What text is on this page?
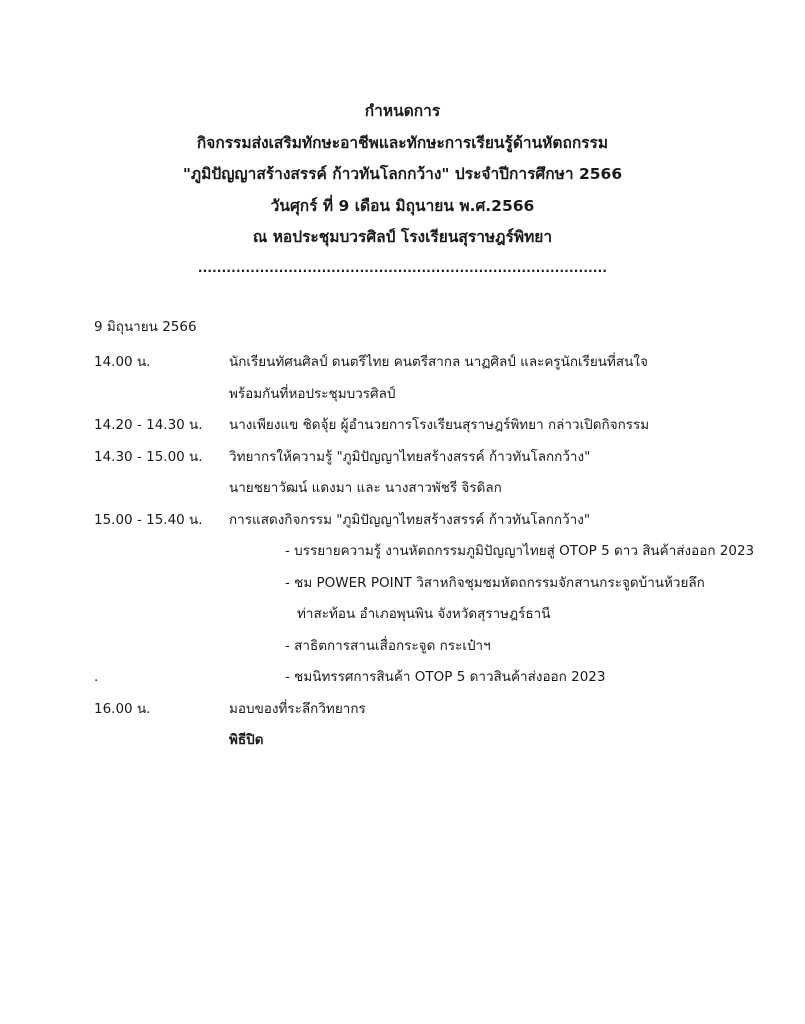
กำหนดการ
กิจกรรมส่งเสริมทักษะอาชีพและทักษะการเรียนรู้ด้านหัตถกรรม
"ภูมิปัญญาสร้างสรรค์ ก้าวทันโลกกว้าง" ประจำปีการศึกษา 2566
วันศุกร์ ที่ 9 เดือน มิถุนายน พ.ศ.2566
ณ หอประชุมบวรศิลป์ โรงเรียนสุราษฎร์พิทยา
......................................................................................
9 มิถุนายน 2566
14.00 น.	นักเรียนทัศนศิลป์ ดนตรีไทย คนตรีสากล นาฏศิลป์ และครูนักเรียนที่สนใจ
พร้อมกันที่หอประชุมบวรศิลป์
14.20 - 14.30 น. นางเพียงแข ชิดจุ้ย ผู้อำนวยการโรงเรียนสุราษฎร์พิทยา กล่าวเปิดกิจกรรม
14.30 - 15.00 น. วิทยากรให้ความรู้ "ภูมิปัญญาไทยสร้างสรรค์ ก้าวทันโลกกว้าง"
นายชยาวัฒน์ แดงมา และ นางสาวพัชรี จิรดิลก
15.00 - 15.40 น. การแสดงกิจกรรม "ภูมิปัญญาไทยสร้างสรรค์ ก้าวทันโลกกว้าง"
- บรรยายความรู้ งานหัตถกรรมภูมิปัญญาไทยสู่ OTOP 5 ดาว สินค้าส่งออก 2023
- ชม POWER POINT วิสาหกิจชุมชมหัตถกรรมจักสานกระจูดบ้านห้วยลึก
ท่าสะท้อน อำเภอพุนพิน จังหวัดสุราษฎร์ธานี
- สาธิตการสานเสื่อกระจูด กระเป๋าฯ
.	- ชมนิทรรศการสินค้า OTOP 5 ดาวสินค้าส่งออก 2023
16.00 น.	มอบของที่ระลึกวิทยากร
พิธีปิด
